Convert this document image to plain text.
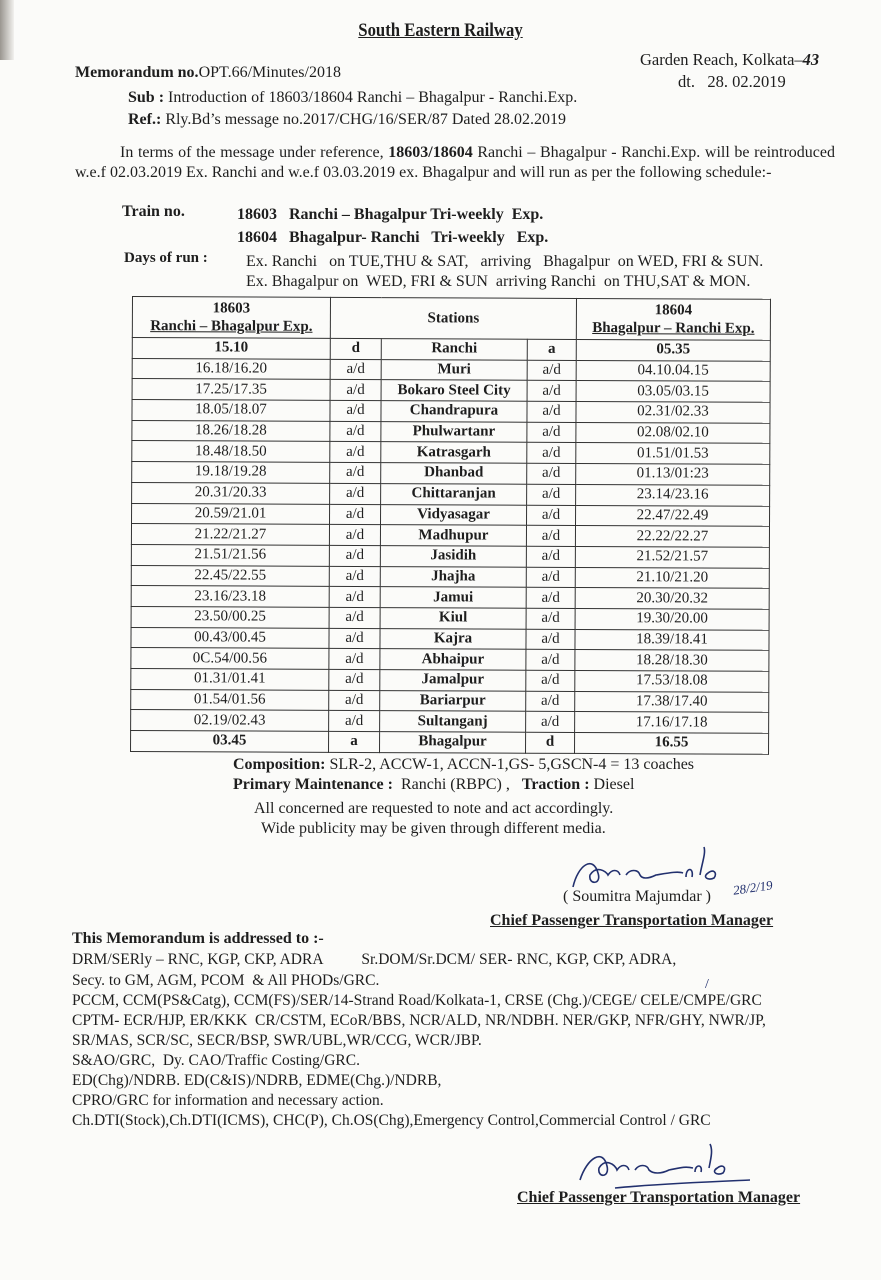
South Eastern Railway
Garden Reach, Kolkata–43
dt. 28. 02.2019
Memorandum no.OPT.66/Minutes/2018
Sub : Introduction of 18603/18604 Ranchi – Bhagalpur - Ranchi.Exp.
Ref.: Rly.Bd’s message no.2017/CHG/16/SER/87 Dated 28.02.2019
In terms of the message under reference, 18603/18604 Ranchi – Bhagalpur - Ranchi.Exp. will be reintroduced w.e.f 02.03.2019 Ex. Ranchi and w.e.f 03.03.2019 ex. Bhagalpur and will run as per the following schedule:-
Train no.	18603   Ranchi – Bhagalpur Tri-weekly  Exp.
18604   Bhagalpur- Ranchi   Tri-weekly   Exp.
Days of run : Ex. Ranchi   on TUE,THU & SAT,   arriving   Bhagalpur  on WED, FRI & SUN.
Ex. Bhagalpur on  WED, FRI & SUN  arriving Ranchi  on THU,SAT & MON.
18603
Ranchi – Bhagalpur Exp.	Stations	18604
Bhagalpur – Ranchi Exp.

15.10	d	Ranchi	a	05.35
16.18/16.20	a/d	Muri	a/d	04.10.04.15
17.25/17.35	a/d	Bokaro Steel City	a/d	03.05/03.15
18.05/18.07	a/d	Chandrapura	a/d	02.31/02.33
18.26/18.28	a/d	Phulwartanr	a/d	02.08/02.10
18.48/18.50	a/d	Katrasgarh	a/d	01.51/01.53
19.18/19.28	a/d	Dhanbad	a/d	01.13/01:23
20.31/20.33	a/d	Chittaranjan	a/d	23.14/23.16
20.59/21.01	a/d	Vidyasagar	a/d	22.47/22.49
21.22/21.27	a/d	Madhupur	a/d	22.22/22.27
21.51/21.56	a/d	Jasidih	a/d	21.52/21.57
22.45/22.55	a/d	Jhajha	a/d	21.10/21.20
23.16/23.18	a/d	Jamui	a/d	20.30/20.32
23.50/00.25	a/d	Kiul	a/d	19.30/20.00
00.43/00.45	a/d	Kajra	a/d	18.39/18.41
0C.54/00.56	a/d	Abhaipur	a/d	18.28/18.30
01.31/01.41	a/d	Jamalpur	a/d	17.53/18.08
01.54/01.56	a/d	Bariarpur	a/d	17.38/17.40
02.19/02.43	a/d	Sultanganj	a/d	17.16/17.18
03.45	a	Bhagalpur	d	16.55
Composition: SLR-2, ACCW-1, ACCN-1,GS- 5,GSCN-4 = 13 coaches
Primary Maintenance :  Ranchi (RBPC) ,   Traction : Diesel
All concerned are requested to note and act accordingly.
Wide publicity may be given through different media.
28/2/19
( Soumitra Majumdar )
Chief Passenger Transportation Manager
This Memorandum is addressed to :-
DRM/SERly – RNC, KGP, CKP, ADRA          Sr.DOM/Sr.DCM/ SER- RNC, KGP, CKP, ADRA,
Secy. to GM, AGM, PCOM  & All PHODs/GRC.
PCCM, CCM(PS&Catg), CCM(FS)/SER/14-Strand Road/Kolkata-1, CRSE (Chg.)/CEGE/ CELE/CMPE/GRC
CPTM- ECR/HJP, ER/KKK  CR/CSTM, ECoR/BBS, NCR/ALD, NR/NDBH. NER/GKP, NFR/GHY, NWR/JP,
SR/MAS, SCR/SC, SECR/BSP, SWR/UBL,WR/CCG, WCR/JBP.
S&AO/GRC,  Dy. CAO/Traffic Costing/GRC.
ED(Chg)/NDRB. ED(C&IS)/NDRB, EDME(Chg.)/NDRB,
CPRO/GRC for information and necessary action.
Ch.DTI(Stock),Ch.DTI(ICMS), CHC(P), Ch.OS(Chg),Emergency Control,Commercial Control / GRC
/
Chief Passenger Transportation Manager
